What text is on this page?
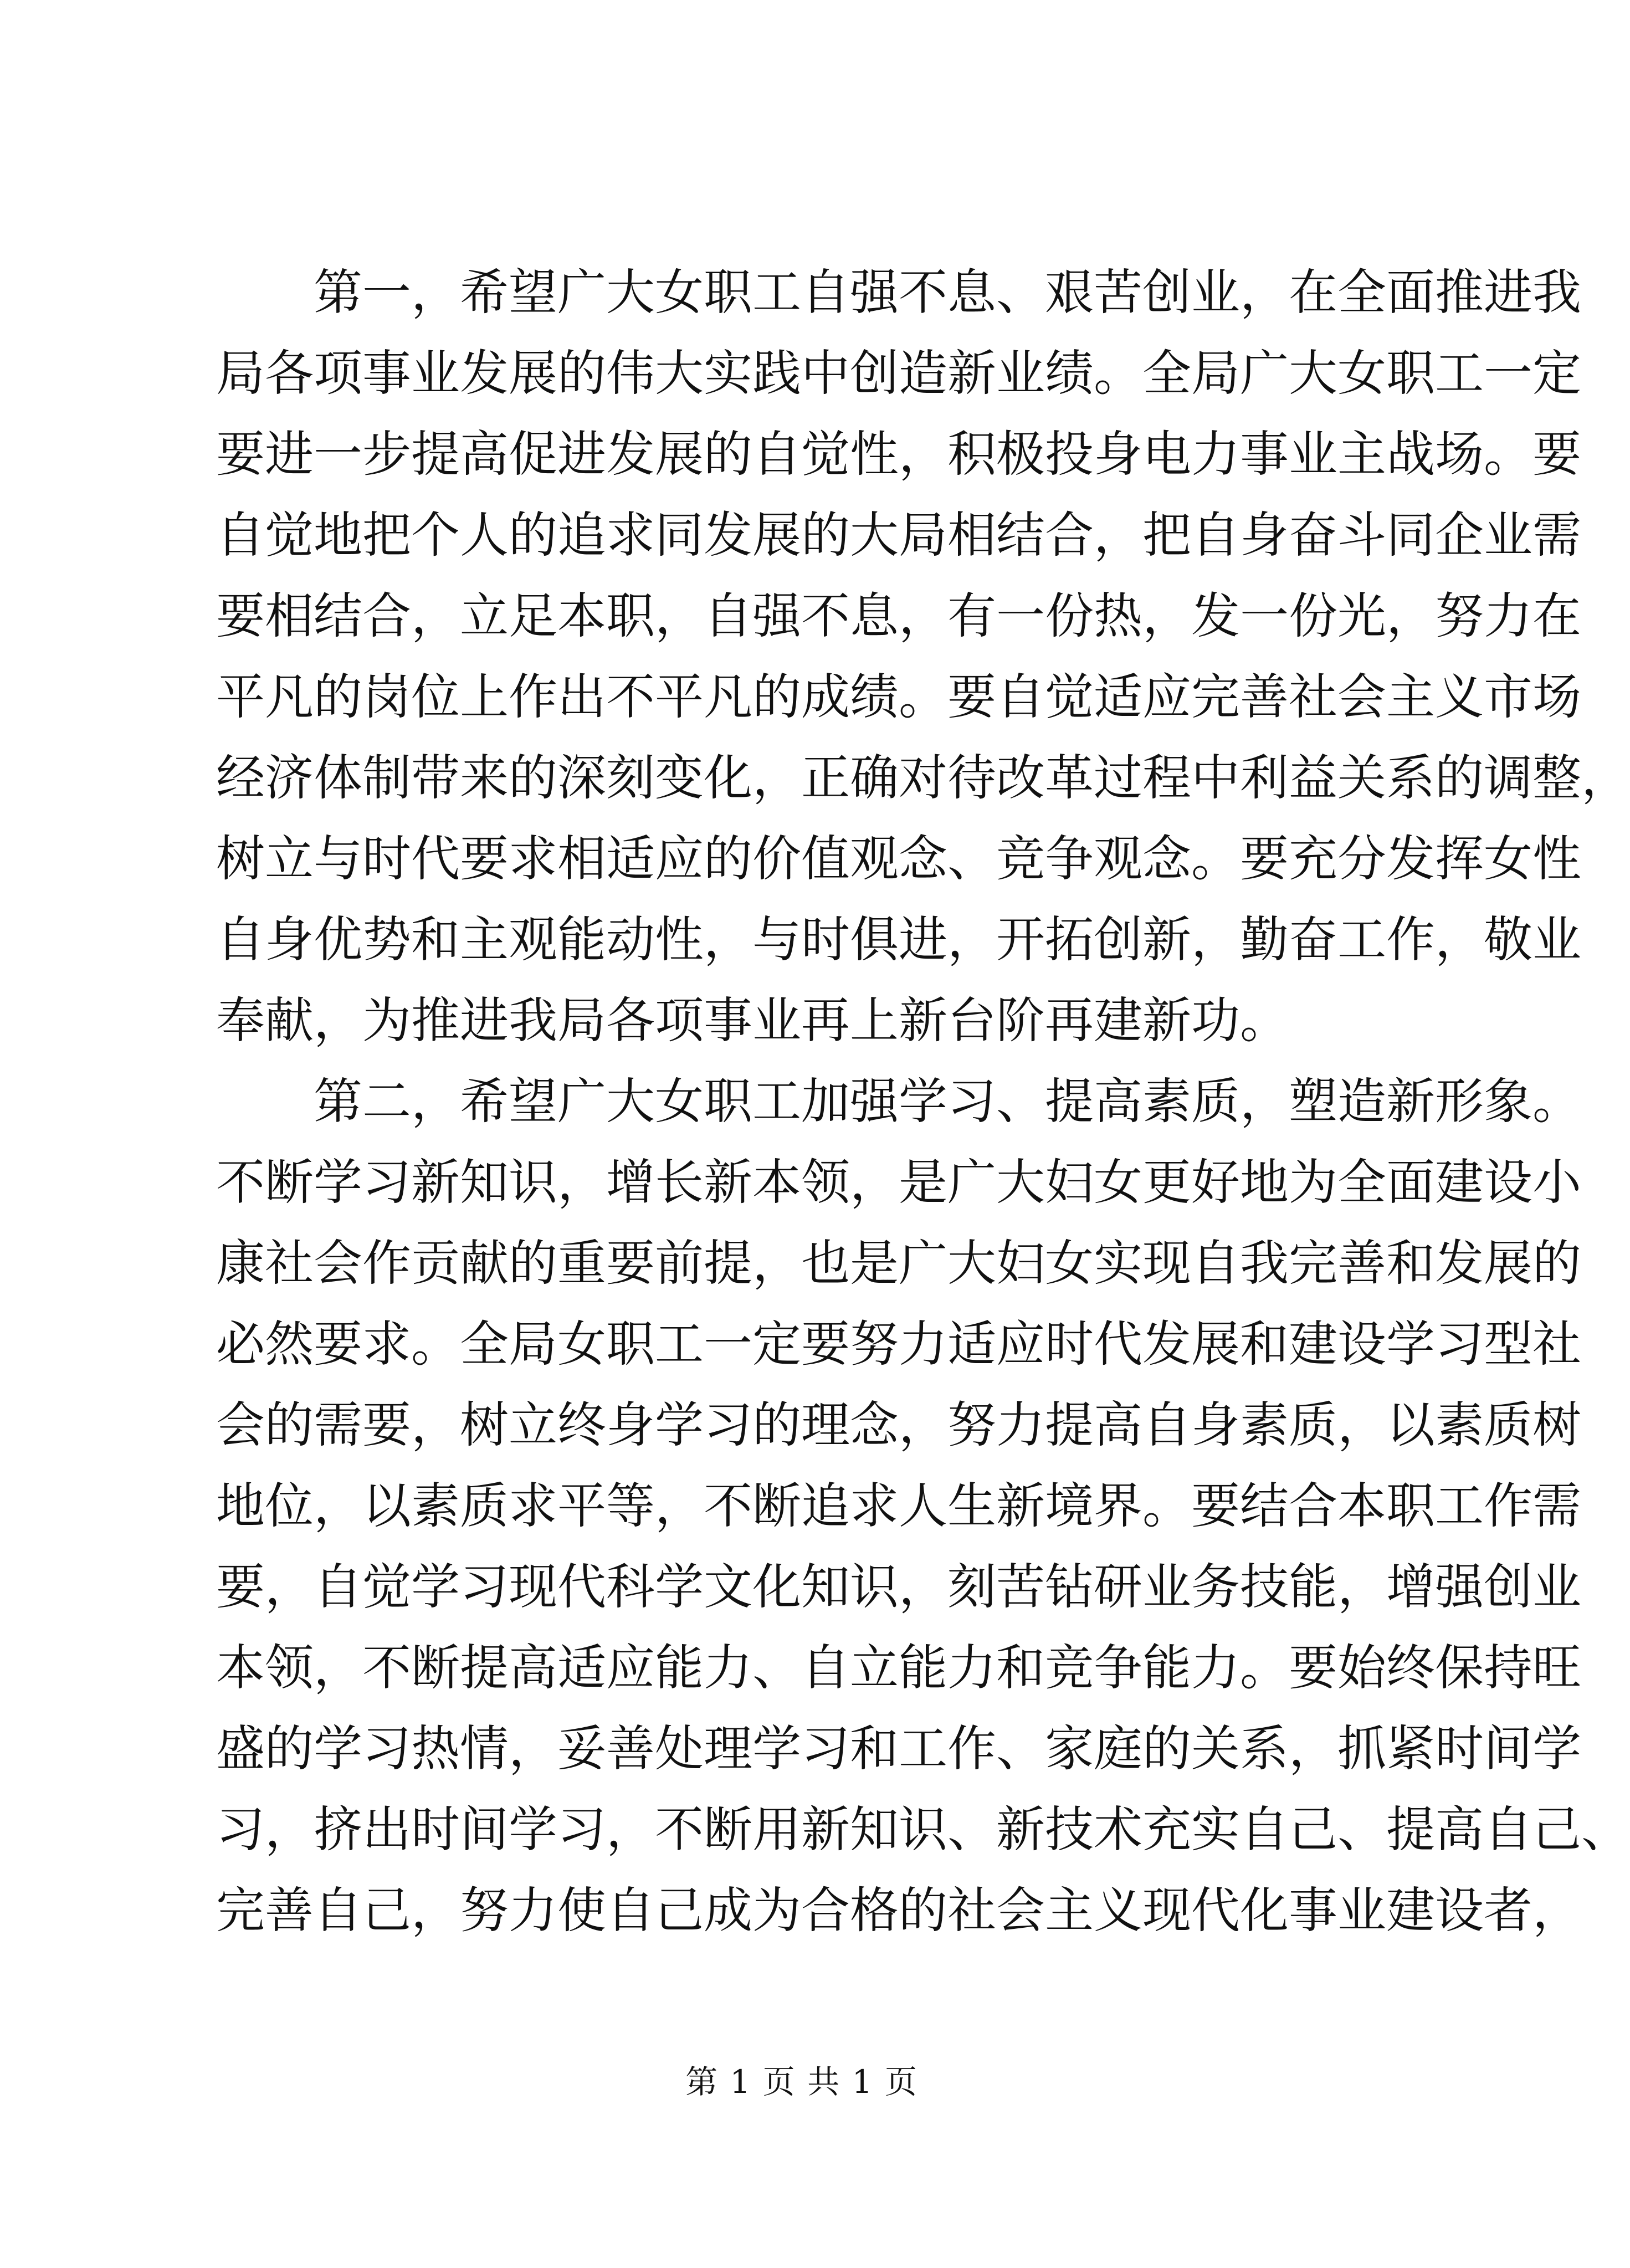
　　第一，希望广大女职工自强不息、艰苦创业，在全面推进我
局各项事业发展的伟大实践中创造新业绩。全局广大女职工一定
要进一步提高促进发展的自觉性，积极投身电力事业主战场。要
自觉地把个人的追求同发展的大局相结合，把自身奋斗同企业需
要相结合，立足本职，自强不息，有一份热，发一份光，努力在
平凡的岗位上作出不平凡的成绩。要自觉适应完善社会主义市场
经济体制带来的深刻变化，正确对待改革过程中利益关系的调整，
树立与时代要求相适应的价值观念、竞争观念。要充分发挥女性
自身优势和主观能动性，与时俱进，开拓创新，勤奋工作，敬业
奉献，为推进我局各项事业再上新台阶再建新功。
　　第二，希望广大女职工加强学习、提高素质，塑造新形象。
不断学习新知识，增长新本领，是广大妇女更好地为全面建设小
康社会作贡献的重要前提，也是广大妇女实现自我完善和发展的
必然要求。全局女职工一定要努力适应时代发展和建设学习型社
会的需要，树立终身学习的理念，努力提高自身素质，以素质树
地位，以素质求平等，不断追求人生新境界。要结合本职工作需
要，自觉学习现代科学文化知识，刻苦钻研业务技能，增强创业
本领，不断提高适应能力、自立能力和竞争能力。要始终保持旺
盛的学习热情，妥善处理学习和工作、家庭的关系，抓紧时间学
习，挤出时间学习，不断用新知识、新技术充实自己、提高自己、
完善自己，努力使自己成为合格的社会主义现代化事业建设者，
第 1 页 共 1 页
